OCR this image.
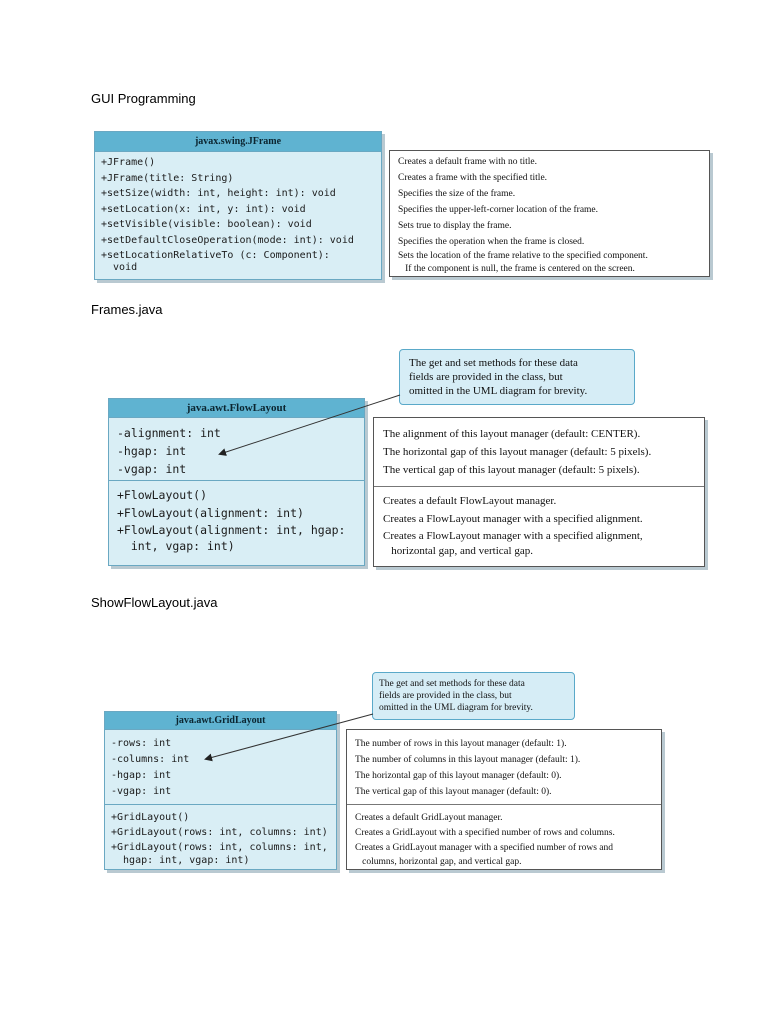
GUI Programming
Frames.java
ShowFlowLayout.java
javax.swing.JFrame
+JFrame()
+JFrame(title: String)
+setSize(width: int, height: int): void
+setLocation(x: int, y: int): void
+setVisible(visible: boolean): void
+setDefaultCloseOperation(mode: int): void
+setLocationRelativeTo (c: Component):
void
Creates a default frame with no title.
Creates a frame with the specified title.
Specifies the size of the frame.
Specifies the upper-left-corner location of the frame.
Sets true to display the frame.
Specifies the operation when the frame is closed.
Sets the location of the frame relative to the specified component.
If the component is null, the frame is centered on the screen.
The get and set methods for these data
fields are provided in the class, but
omitted in the UML diagram for brevity.
java.awt.FlowLayout
-alignment: int
-hgap: int
-vgap: int
+FlowLayout()
+FlowLayout(alignment: int)
+FlowLayout(alignment: int, hgap:
int, vgap: int)
The alignment of this layout manager (default: CENTER).
The horizontal gap of this layout manager (default: 5 pixels).
The vertical gap of this layout manager (default: 5 pixels).
Creates a default FlowLayout manager.
Creates a FlowLayout manager with a specified alignment.
Creates a FlowLayout manager with a specified alignment,
horizontal gap, and vertical gap.
The get and set methods for these data
fields are provided in the class, but
omitted in the UML diagram for brevity.
java.awt.GridLayout
-rows: int
-columns: int
-hgap: int
-vgap: int
+GridLayout()
+GridLayout(rows: int, columns: int)
+GridLayout(rows: int, columns: int,
hgap: int, vgap: int)
The number of rows in this layout manager (default: 1).
The number of columns in this layout manager (default: 1).
The horizontal gap of this layout manager (default: 0).
The vertical gap of this layout manager (default: 0).
Creates a default GridLayout manager.
Creates a GridLayout with a specified number of rows and columns.
Creates a GridLayout manager with a specified number of rows and
columns, horizontal gap, and vertical gap.
